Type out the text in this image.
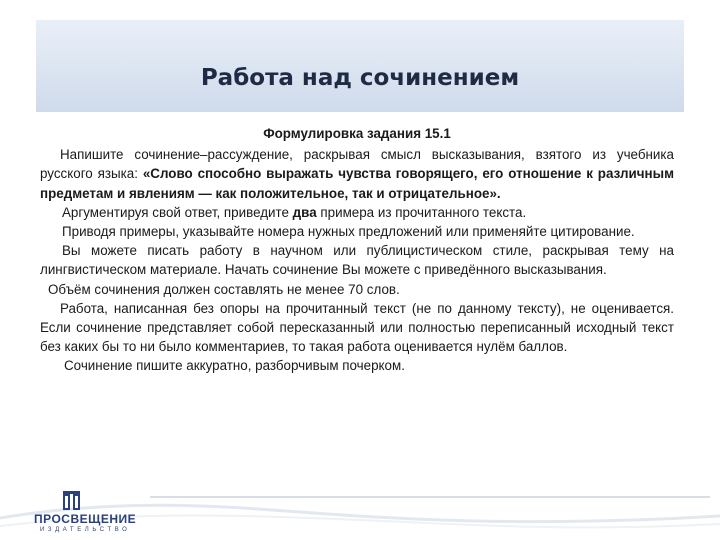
Работа над сочинением

Формулировка задания 15.1

Напишите сочинение–рассуждение, раскрывая смысл высказывания, взятого из учебника русского языка: «Слово способно выражать чувства говорящего, его отношение к различным предметам и явлениям — как положительное, так и отрицательное».

Аргументируя свой ответ, приведите два примера из прочитанного текста.

Приводя примеры, указывайте номера нужных предложений или применяйте цитирование.

Вы можете писать работу в научном или публицистическом стиле, раскрывая тему на лингвистическом материале. Начать сочинение Вы можете с приведённого высказывания.

Объём сочинения должен составлять не менее 70 слов.

Работа, написанная без опоры на прочитанный текст (не по данному тексту), не оценивается. Если сочинение представляет собой пересказанный или полностью переписанный исходный текст без каких бы то ни было комментариев, то такая работа оценивается нулём баллов.

Сочинение пишите аккуратно, разборчивым почерком.

ПРОСВЕЩЕНИЕ
ИЗДАТЕЛЬСТВО
